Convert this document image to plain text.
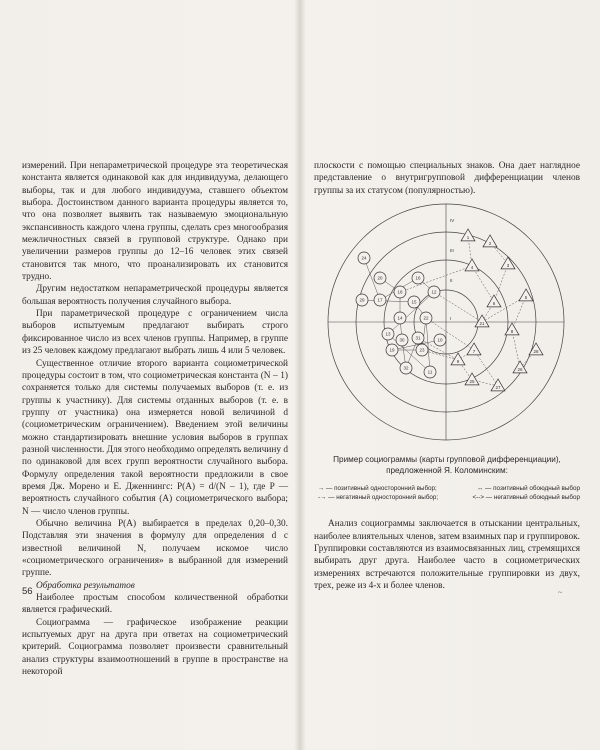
измерений. При непараметрической процедуре эта теоретическая константа является одинаковой как для индивидуума, делающего выборы, так и для любого индивидуума, ставшего объектом выбора. Достоинством данного варианта процедуры является то, что она позволяет выявить так называемую эмоциональную экспансивность каждого члена группы, сделать срез многообразия межличностных связей в групповой структуре. Однако при увеличении размеров группы до 12–16 человек этих связей становится так много, что проанализировать их становится трудно.

Другим недостатком непараметрической процедуры является большая вероятность получения случайного выбора.

При параметрической процедуре с ограничением числа выборов испытуемым предлагают выбирать строго фиксированное число из всех членов группы. Например, в группе из 25 человек каждому предлагают выбрать лишь 4 или 5 человек.

Существенное отличие второго варианта социометрической процедуры состоит в том, что социометрическая константа (N – 1) сохраняется только для системы получаемых выборов (т. е. из группы к участнику). Для системы отданных выборов (т. е. в группу от участника) она измеряется новой величиной d (социометрическим ограничением). Введением этой величины можно стандартизировать внешние условия выборов в группах разной численности. Для этого необходимо определять величину d по одинаковой для всех групп вероятности случайного выбора. Формулу определения такой вероятности предложили в свое время Дж. Морено и Е. Дженнингс: P(A) = d/(N – 1), где P — вероятность случайного события (A) социометрического выбора; N — число членов группы.

Обычно величина P(A) выбирается в пределах 0,20–0,30. Подставляя эти значения в формулу для определения d с известной величиной N, получаем искомое число «социометрического ограничения» в выбранной для измерений группе.

Обработка результатов

Наиболее простым способом количественной обработки является графический.

Социограмма — графическое изображение реакции испытуемых друг на друга при ответах на социометрический критерий. Социограмма позволяет произвести сравнительный анализ структуры взаимоотношений в группе в пространстве на некоторой

56

плоскости с помощью специальных знаков. Она дает наглядное представление о внутригрупповой дифференциации членов группы за их статусом (популярностью).

I
II
III
IV
24
20
29	17
18
16
15
14	22
12
30
23
13
32
19
11
31	10
1
2
3
4
5
6
7
8
9
25
26
27
28
21
Пример социограммы (карты групповой дифференциации),
предложенной Я. Коломинским:
→ — позитивный односторонний выбор;	↔ — позитивный обоюдный выбор
-→ — негативный односторонний выбор;	<--> — негативный обоюдный выбор

Анализ социограммы заключается в отыскании центральных, наиболее влиятельных членов, затем взаимных пар и группировок. Группировки составляются из взаимосвязанных лиц, стремящихся выбирать друг друга. Наиболее часто в социометрических измерениях встречаются положительные группировки из двух, трех, реже из 4-х и более членов.

~
